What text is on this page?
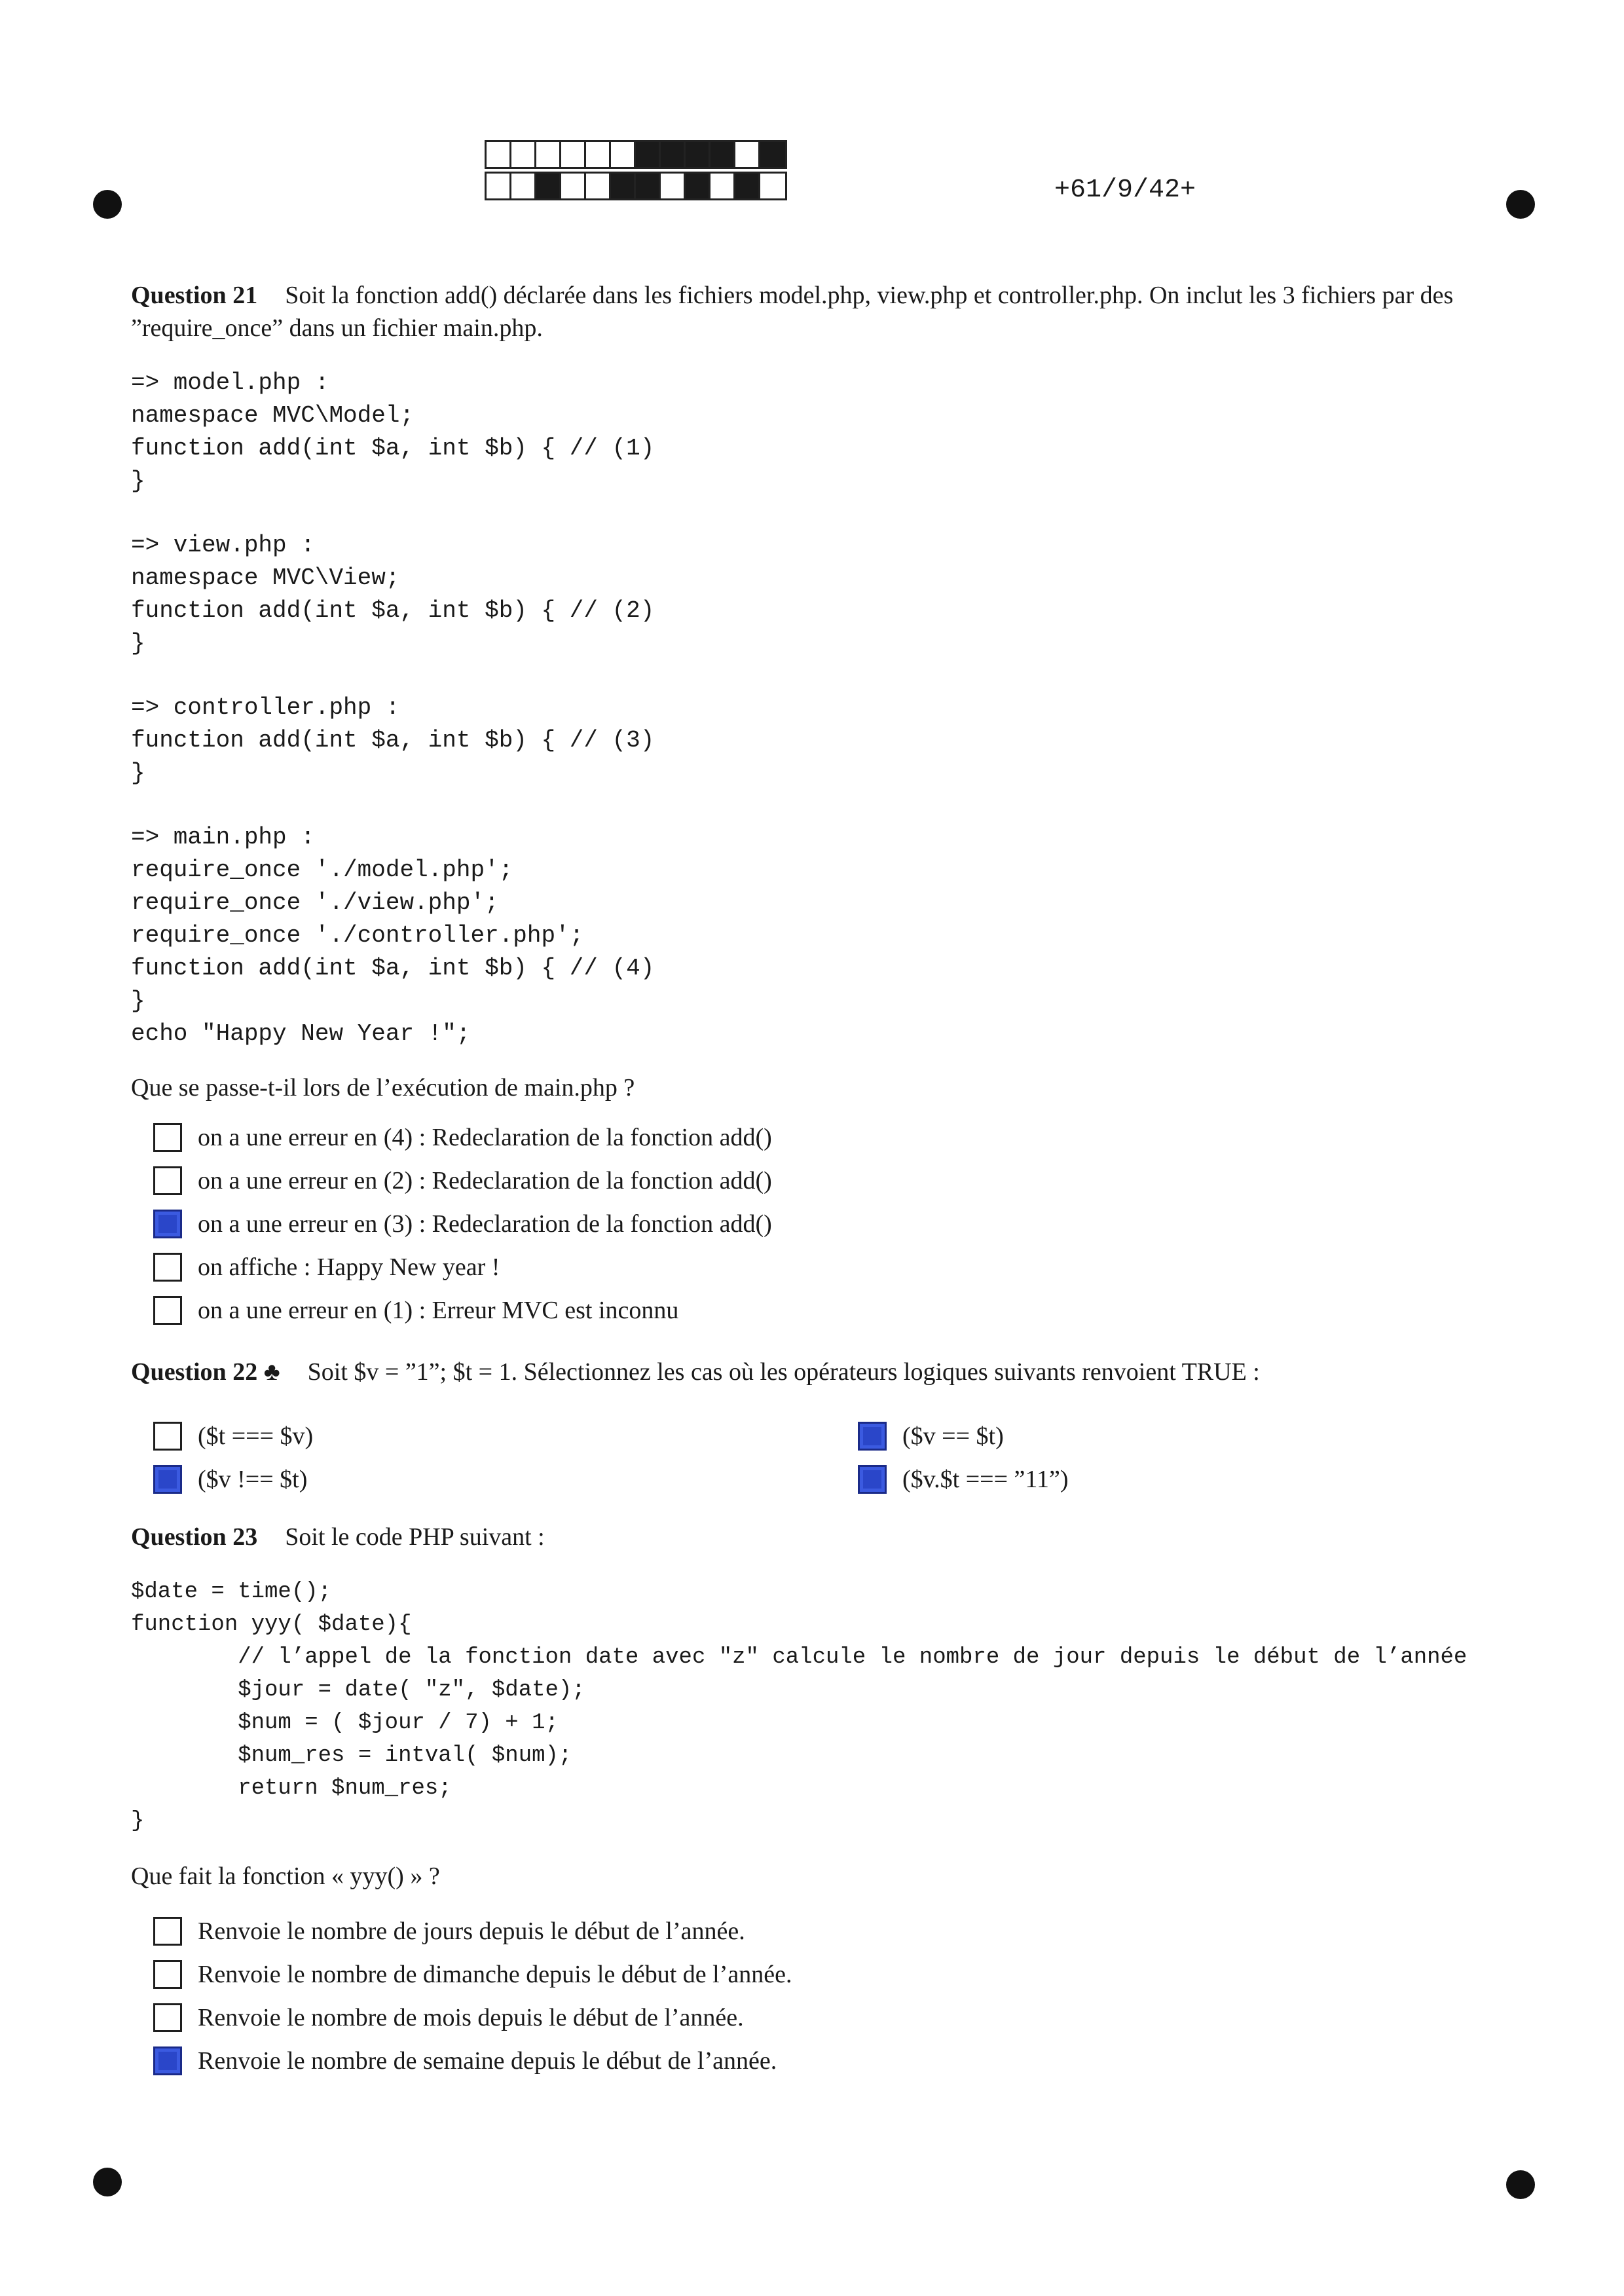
+61/9/42+
Question 21 Soit la fonction add() déclarée dans les fichiers model.php, view.php et controller.php. On inclut les 3 fichiers par des ”require_once” dans un fichier main.php.
=> model.php :
namespace MVC\Model;
function add(int $a, int $b) { // (1)
}
=> view.php :
namespace MVC\View;
function add(int $a, int $b) { // (2)
}
=> controller.php :
function add(int $a, int $b) { // (3)
}
=> main.php :
require_once './model.php';
require_once './view.php';
require_once './controller.php';
function add(int $a, int $b) { // (4)
}
echo "Happy New Year !";
Que se passe-t-il lors de l’exécution de main.php ?
on a une erreur en (4) : Redeclaration de la fonction add()
on a une erreur en (2) : Redeclaration de la fonction add()
on a une erreur en (3) : Redeclaration de la fonction add()
on affiche : Happy New year !
on a une erreur en (1) : Erreur MVC est inconnu
Question 22 ♣ Soit $v = ”1”; $t = 1. Sélectionnez les cas où les opérateurs logiques suivants renvoient TRUE :
($t === $v)	($v == $t)
($v !== $t)	($v.$t === ”11”)
Question 23 Soit le code PHP suivant :
$date = time();
function yyy( $date){
// l’appel de la fonction date avec "z" calcule le nombre de jour depuis le début de l’année
$jour = date( "z", $date);
$num = ( $jour / 7) + 1;
$num_res = intval( $num);
return $num_res;
}
Que fait la fonction « yyy() » ?
Renvoie le nombre de jours depuis le début de l’année.
Renvoie le nombre de dimanche depuis le début de l’année.
Renvoie le nombre de mois depuis le début de l’année.
Renvoie le nombre de semaine depuis le début de l’année.
